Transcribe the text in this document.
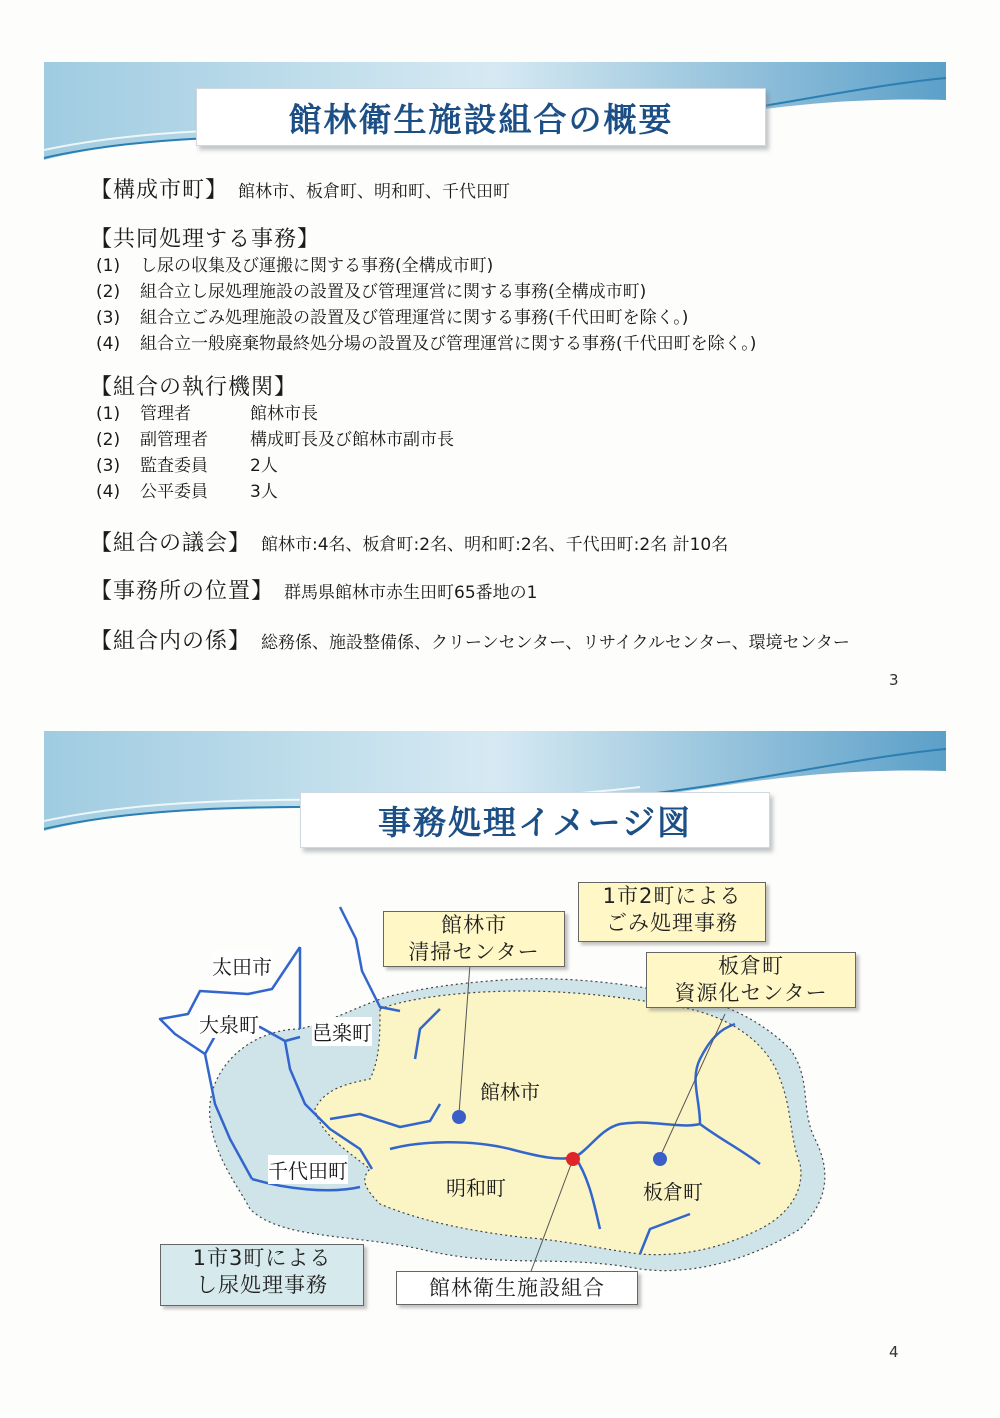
館林衛生施設組合の概要
【構成市町】 館林市、板倉町、明和町、千代田町
【共同処理する事務】
(1) し尿の収集及び運搬に関する事務(全構成市町)
(2) 組合立し尿処理施設の設置及び管理運営に関する事務(全構成市町)
(3) 組合立ごみ処理施設の設置及び管理運営に関する事務(千代田町を除く。)
(4) 組合立一般廃棄物最終処分場の設置及び管理運営に関する事務(千代田町を除く。)
【組合の執行機関】
(1) 管理者	館林市長
(2) 副管理者 構成町長及び館林市副市長
(3) 監査委員 2人
(4) 公平委員 3人
【組合の議会】 館林市:4名、板倉町:2名、明和町:2名、千代田町:2名 計10名
【事務所の位置】 群馬県館林市赤生田町65番地の1
【組合内の係】 総務係、施設整備係、クリーンセンター、リサイクルセンター、環境センター
3
事務処理イメージ図
太田市
大泉町	邑楽町
館林市
千代田町
明和町	板倉町
館林市
清掃センター
1市2町による
ごみ処理事務
板倉町
資源化センター
1市3町による
し尿処理事務	館林衛生施設組合
4
